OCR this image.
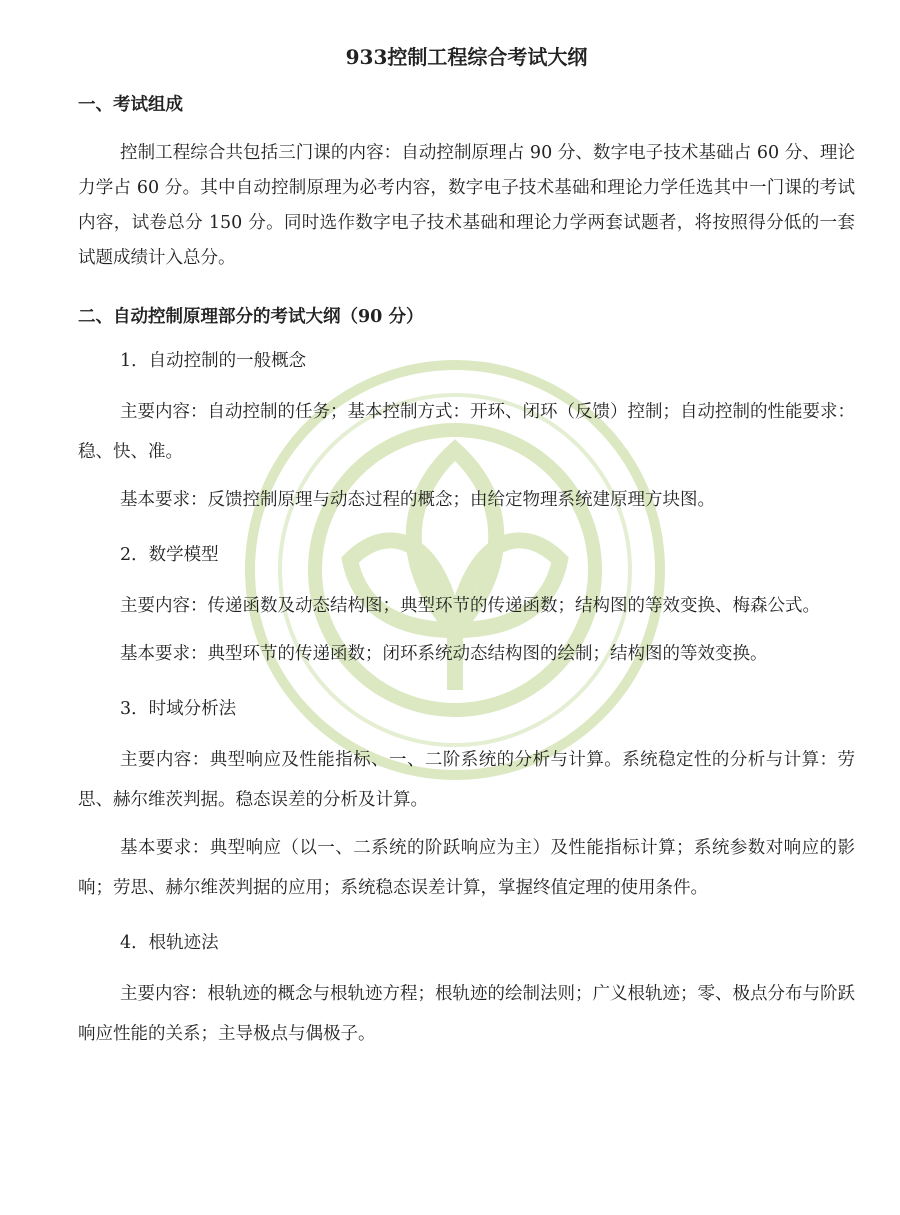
933控制工程综合考试大纲
一、考试组成
控制工程综合共包括三门课的内容：自动控制原理占 90 分、数字电子技术基础占 60 分、理论力学占 60 分。其中自动控制原理为必考内容，数字电子技术基础和理论力学任选其中一门课的考试内容，试卷总分 150 分。同时选作数字电子技术基础和理论力学两套试题者，将按照得分低的一套试题成绩计入总分。
二、自动控制原理部分的考试大纲（90 分）
1．自动控制的一般概念
主要内容：自动控制的任务；基本控制方式：开环、闭环（反馈）控制；自动控制的性能要求：稳、快、准。
基本要求：反馈控制原理与动态过程的概念；由给定物理系统建原理方块图。
2．数学模型
主要内容：传递函数及动态结构图；典型环节的传递函数；结构图的等效变换、梅森公式。
基本要求：典型环节的传递函数；闭环系统动态结构图的绘制；结构图的等效变换。
3．时域分析法
主要内容：典型响应及性能指标、一、二阶系统的分析与计算。系统稳定性的分析与计算：劳思、赫尔维茨判据。稳态误差的分析及计算。
基本要求：典型响应（以一、二系统的阶跃响应为主）及性能指标计算；系统参数对响应的影响；劳思、赫尔维茨判据的应用；系统稳态误差计算，掌握终值定理的使用条件。
4．根轨迹法
主要内容：根轨迹的概念与根轨迹方程；根轨迹的绘制法则；广义根轨迹；零、极点分布与阶跃响应性能的关系；主导极点与偶极子。
